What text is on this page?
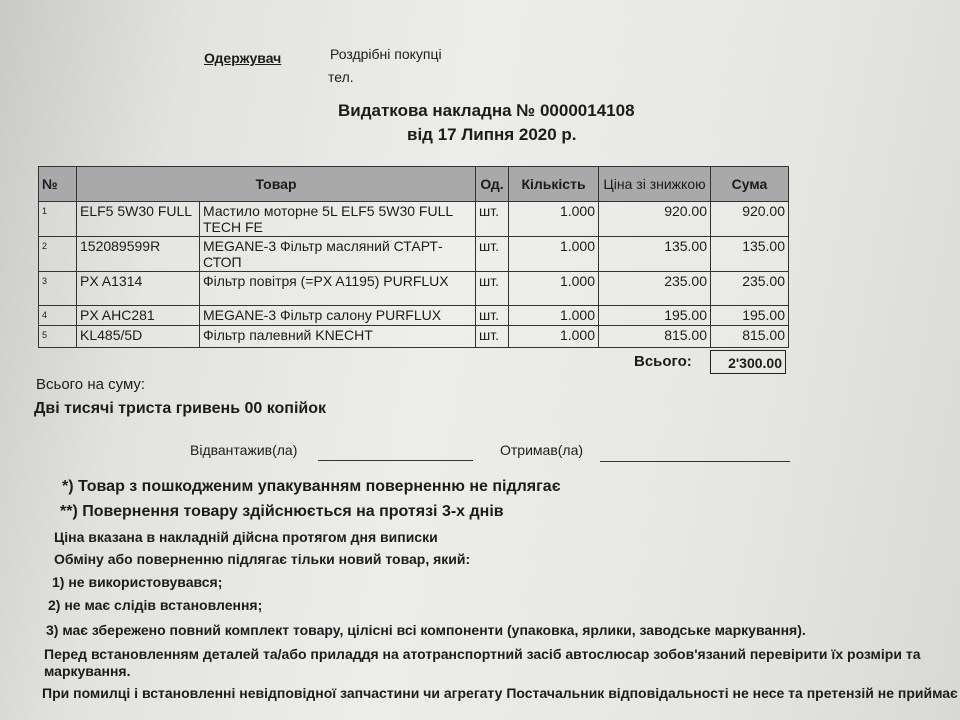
Одержувач	Роздрібні покупці
тел.
Видаткова накладна № 0000014108
від 17 Липня 2020 р.
№	Товар		Од.	Кількість	Ціна зі знижкою	Сума
1	ELF5 5W30 FULL	Мастило моторне 5L ELF5 5W30 FULL TECH FE	шт.	1.000	920.00	920.00
2	152089599R	MEGANE-3 Фільтр масляний СТАРТ-СТОП	шт.	1.000	135.00	135.00
3	PX A1314	Фільтр повітря (=PX A1195) PURFLUX	шт.	1.000	235.00	235.00
4	PX AHC281	MEGANE-3 Фільтр салону PURFLUX	шт.	1.000	195.00	195.00
5	KL485/5D	Фільтр палевний KNECHT	шт.	1.000	815.00	815.00
Всього:	2'300.00
Всього на суму:
Дві тисячі триста гривень 00 копійок
Відвантажив(ла)	Отримав(ла)
*) Товар з пошкодженим упакуванням поверненню не підлягає
**) Повернення товару здійснюється на протязі 3-х днів
Ціна вказана в накладній дійсна протягом дня виписки
Обміну або поверненню підлягає тільки новий товар, який:
1) не використовувався;
2) не має слідів встановлення;
3) має збережено повний комплект товару, цілісні всі компоненти (упаковка, ярлики, заводське маркування).
Перед встановленням деталей та/або приладдя на атотранспортний засіб автослюсар зобов'язаний перевірити їх розміри та маркування.
При помилці і встановленні невідповідної запчастини чи агрегату Постачальник відповідальності не несе та претензій не приймає
